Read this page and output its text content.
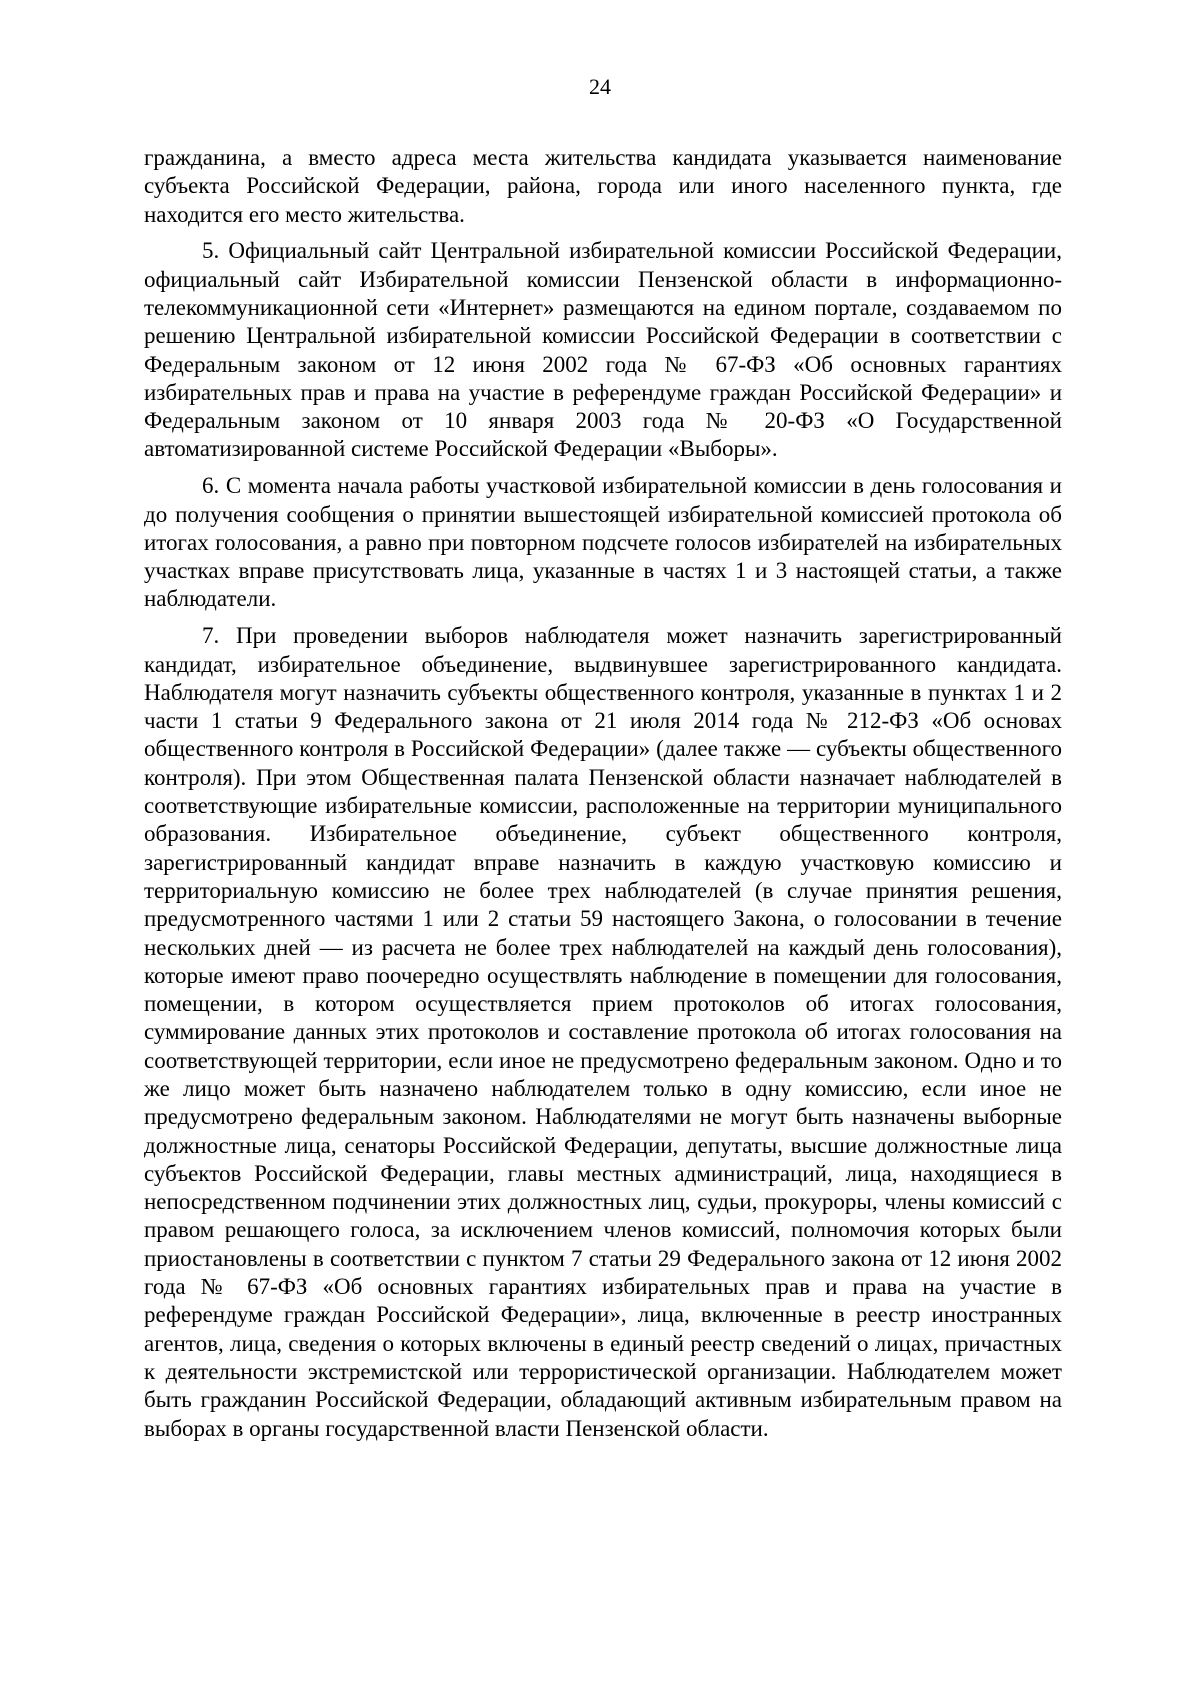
24

гражданина, а вместо адреса места жительства кандидата указывается наименование субъекта Российской Федерации, района, города или иного населенного пункта, где находится его место жительства.

5. Официальный сайт Центральной избирательной комиссии Российской Федерации, официальный сайт Избирательной комиссии Пензенской области в информационно-телекоммуникационной сети «Интернет» размещаются на едином портале, создаваемом по решению Центральной избирательной комиссии Российской Федерации в соответствии с Федеральным законом от 12 июня 2002 года № 67-ФЗ «Об основных гарантиях избирательных прав и права на участие в референдуме граждан Российской Федерации» и Федеральным законом от 10 января 2003 года № 20-ФЗ «О Государственной автоматизированной системе Российской Федерации «Выборы».

6. С момента начала работы участковой избирательной комиссии в день голосования и до получения сообщения о принятии вышестоящей избирательной комиссией протокола об итогах голосования, а равно при повторном подсчете голосов избирателей на избирательных участках вправе присутствовать лица, указанные в частях 1 и 3 настоящей статьи, а также наблюдатели.

7. При проведении выборов наблюдателя может назначить зарегистрированный кандидат, избирательное объединение, выдвинувшее зарегистрированного кандидата. Наблюдателя могут назначить субъекты общественного контроля, указанные в пунктах 1 и 2 части 1 статьи 9 Федерального закона от 21 июля 2014 года № 212-ФЗ «Об основах общественного контроля в Российской Федерации» (далее также — субъекты общественного контроля). При этом Общественная палата Пензенской области назначает наблюдателей в соответствующие избирательные комиссии, расположенные на территории муниципального образования. Избирательное объединение, субъект общественного контроля, зарегистрированный кандидат вправе назначить в каждую участковую комиссию и территориальную комиссию не более трех наблюдателей (в случае принятия решения, предусмотренного частями 1 или 2 статьи 59 настоящего Закона, о голосовании в течение нескольких дней — из расчета не более трех наблюдателей на каждый день голосования), которые имеют право поочередно осуществлять наблюдение в помещении для голосования, помещении, в котором осуществляется прием протоколов об итогах голосования, суммирование данных этих протоколов и составление протокола об итогах голосования на соответствующей территории, если иное не предусмотрено федеральным законом. Одно и то же лицо может быть назначено наблюдателем только в одну комиссию, если иное не предусмотрено федеральным законом. Наблюдателями не могут быть назначены выборные должностные лица, сенаторы Российской Федерации, депутаты, высшие должностные лица субъектов Российской Федерации, главы местных администраций, лица, находящиеся в непосредственном подчинении этих должностных лиц, судьи, прокуроры, члены комиссий с правом решающего голоса, за исключением членов комиссий, полномочия которых были приостановлены в соответствии с пунктом 7 статьи 29 Федерального закона от 12 июня 2002 года № 67-ФЗ «Об основных гарантиях избирательных прав и права на участие в референдуме граждан Российской Федерации», лица, включенные в реестр иностранных агентов, лица, сведения о которых включены в единый реестр сведений о лицах, причастных к деятельности экстремистской или террористической организации. Наблюдателем может быть гражданин Российской Федерации, обладающий активным избирательным правом на выборах в органы государственной власти Пензенской области.
